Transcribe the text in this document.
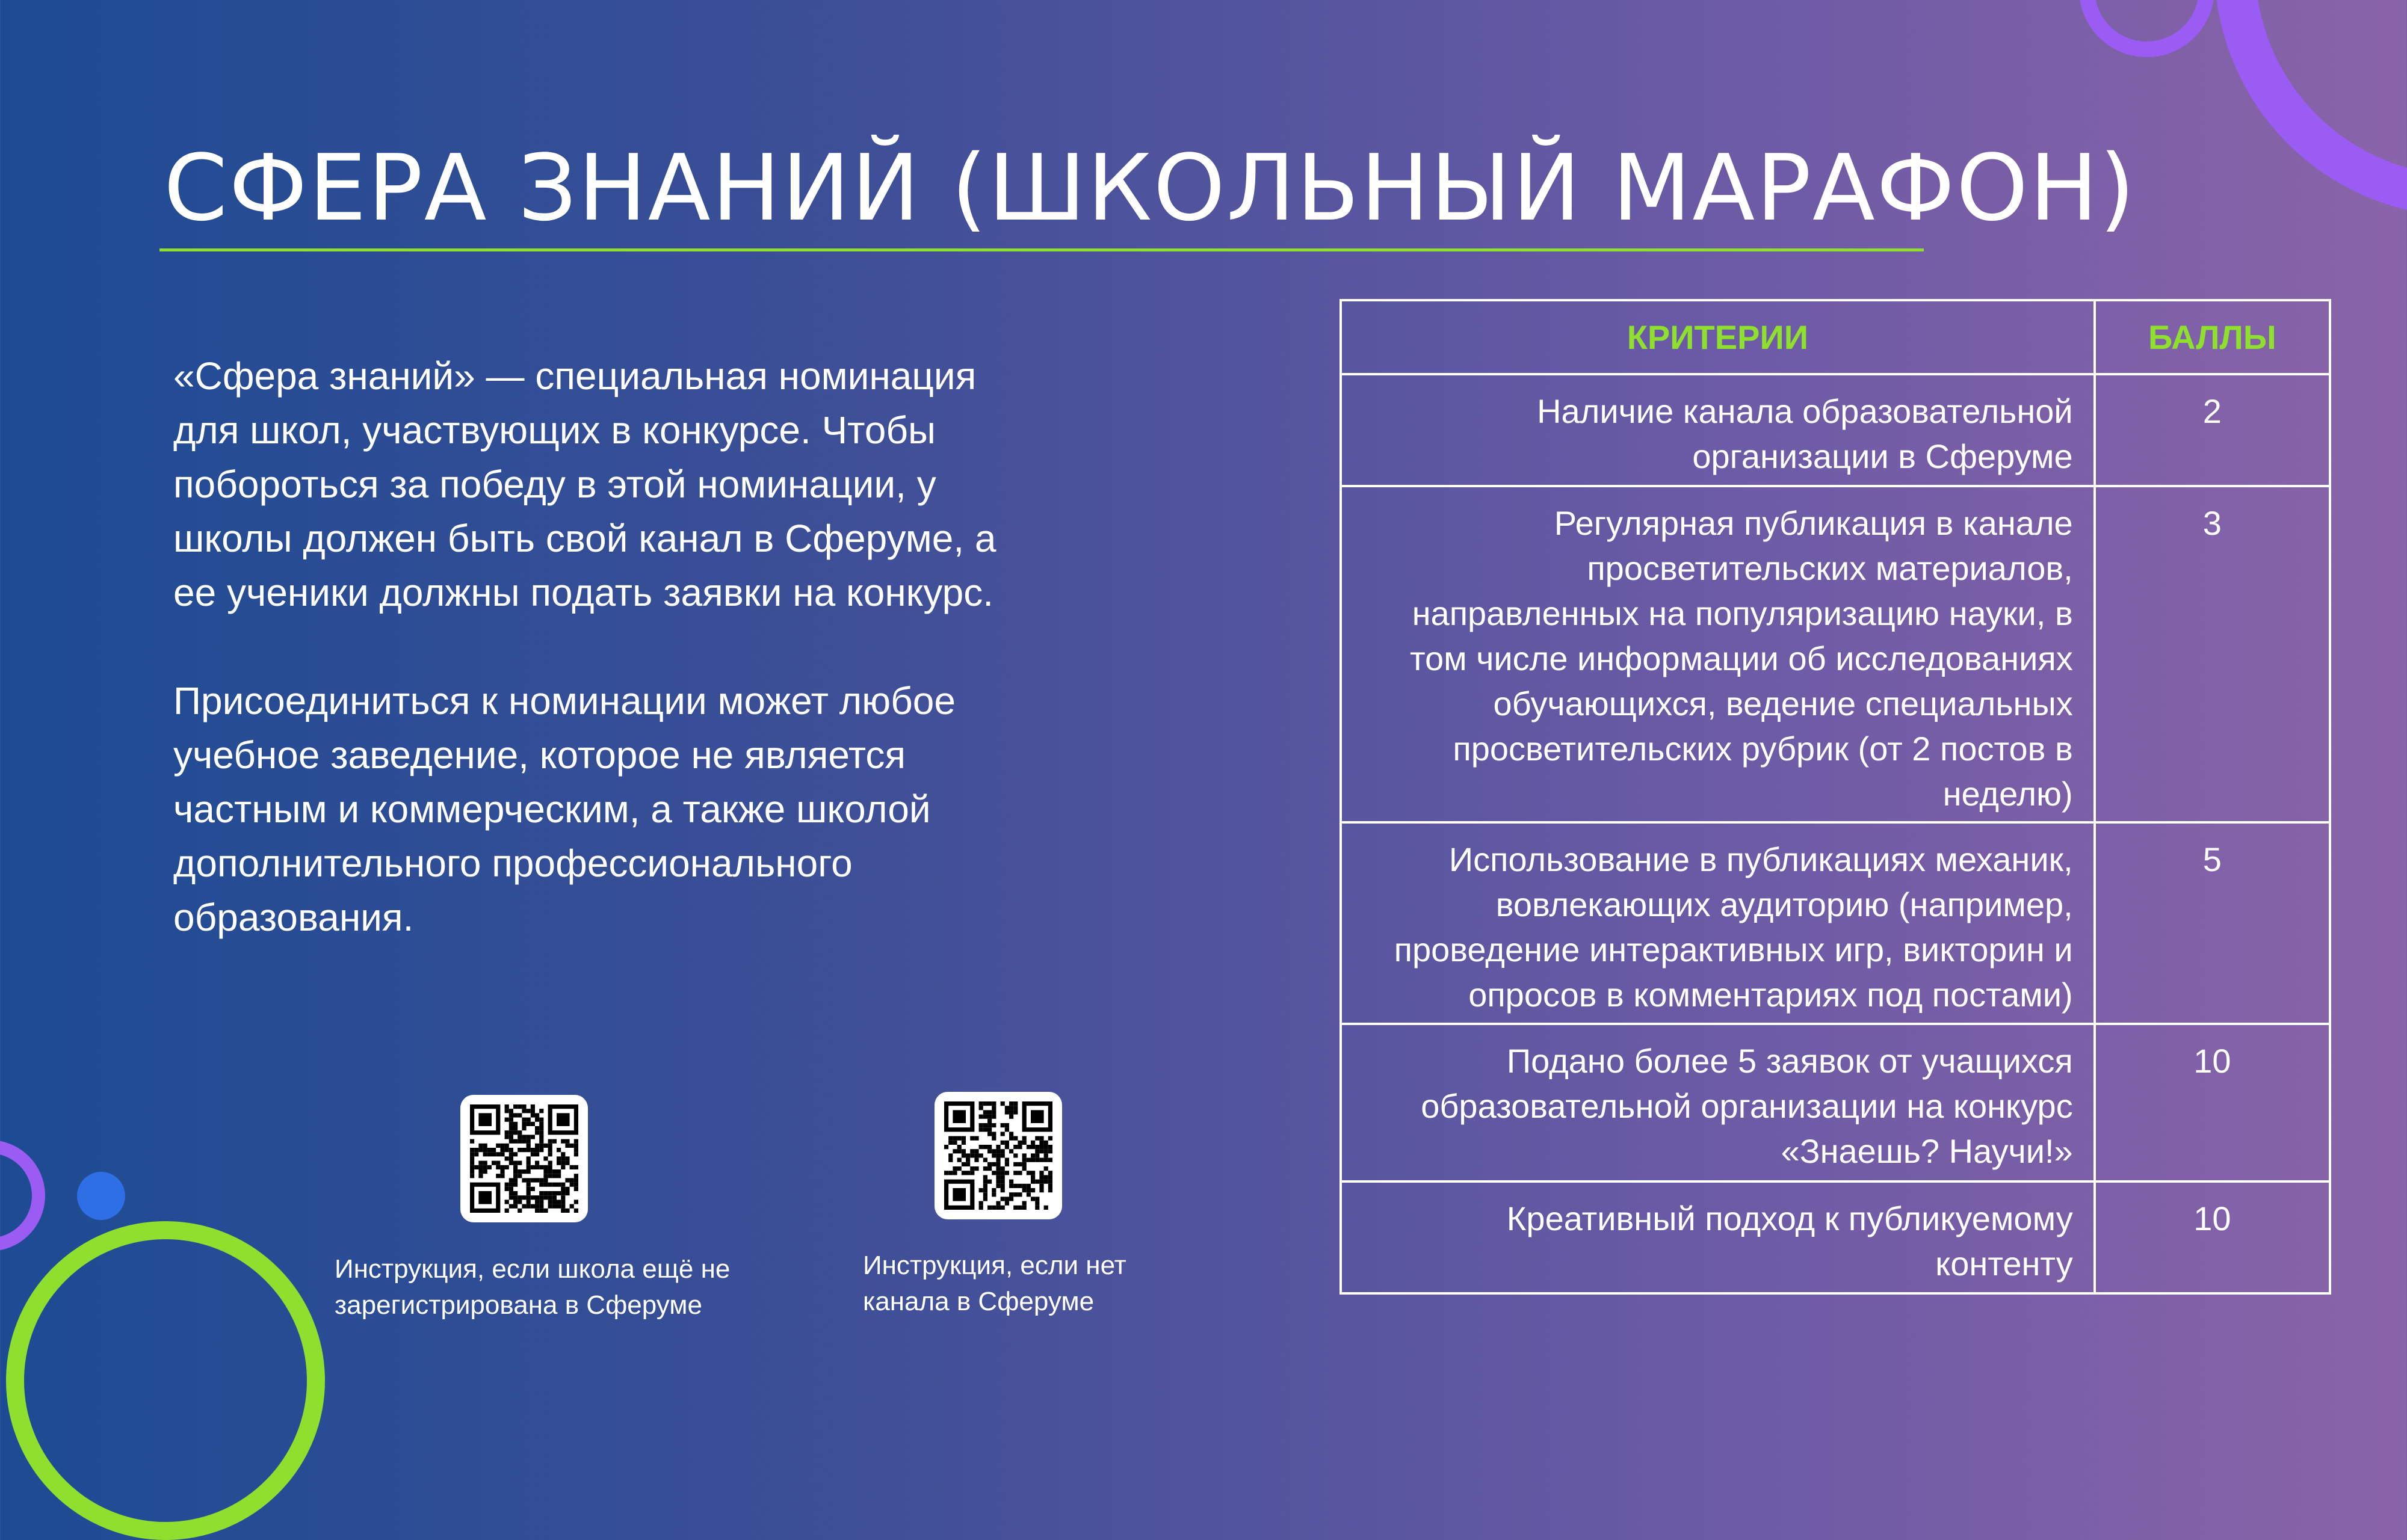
СФЕРА ЗНАНИЙ (ШКОЛЬНЫЙ МАРАФОН)

«Сфера знаний» — специальная номинация для школ, участвующих в конкурсе. Чтобы побороться за победу в этой номинации, у школы должен быть свой канал в Сферуме, а ее ученики должны подать заявки на конкурс.

Присоединиться к номинации может любое учебное заведение, которое не является частным и коммерческим, а также школой дополнительного профессионального образования.

КРИТЕРИИ	БАЛЛЫ
Наличие канала образовательной организации в Сферуме	2
Регулярная публикация в канале просветительских материалов, направленных на популяризацию науки, в том числе информации об исследованиях обучающихся, ведение специальных просветительских рубрик (от 2 постов в неделю)	3
Использование в публикациях механик, вовлекающих аудиторию (например, проведение интерактивных игр, викторин и опросов в комментариях под постами)	5
Подано более 5 заявок от учащихся образовательной организации на конкурс «Знаешь? Научи!»	10
Креативный подход к публикуемому контенту	10
Инструкция, если школа ещё не зарегистрирована в Сферуме
Инструкция, если нет канала в Сферуме
